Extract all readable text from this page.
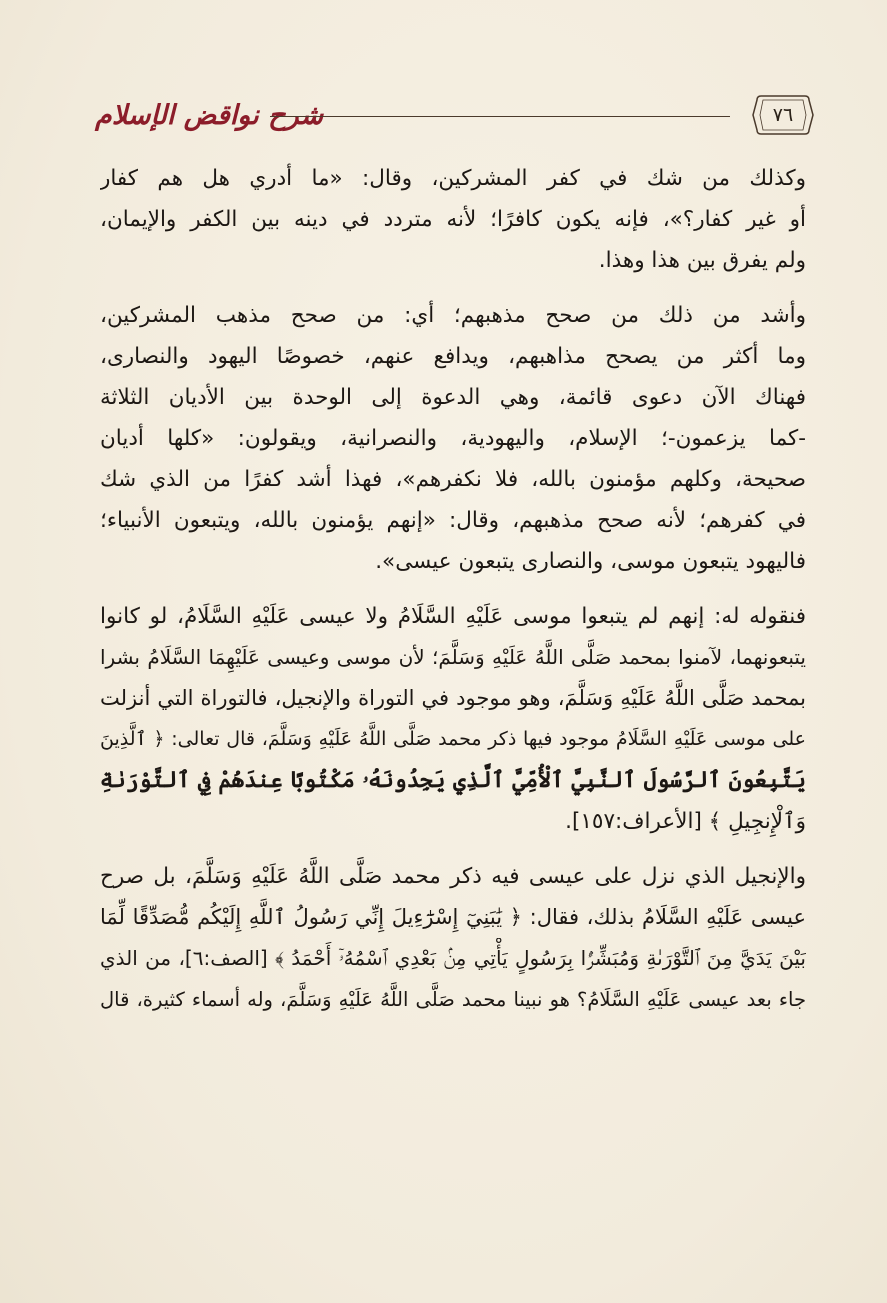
شرح نواقض الإسلام	٧٦
وكذلك من شك في كفر المشركين، وقال: «ما أدري هل هم كفار
أو غير كفار؟»، فإنه يكون كافرًا؛ لأنه متردد في دينه بين الكفر والإيمان،
ولم يفرق بين هذا وهذا.
وأشد من ذلك من صحح مذهبهم؛ أي: من صحح مذهب المشركين،
وما أكثر من يصحح مذاهبهم، ويدافع عنهم، خصوصًا اليهود والنصارى،
فهناك الآن دعوى قائمة، وهي الدعوة إلى الوحدة بين الأديان الثلاثة
-كما يزعمون-؛ الإسلام، واليهودية، والنصرانية، ويقولون: «كلها أديان
صحيحة، وكلهم مؤمنون بالله، فلا نكفرهم»، فهذا أشد كفرًا من الذي شك
في كفرهم؛ لأنه صحح مذهبهم، وقال: «إنهم يؤمنون بالله، ويتبعون الأنبياء؛
فاليهود يتبعون موسى، والنصارى يتبعون عيسى».
فنقوله له: إنهم لم يتبعوا موسى عَلَيْهِ السَّلَامُ ولا عيسى عَلَيْهِ السَّلَامُ، لو كانوا
يتبعونهما، لآمنوا بمحمد صَلَّى اللَّهُ عَلَيْهِ وَسَلَّمَ؛ لأن موسى وعيسى عَلَيْهِمَا السَّلَامُ بشرا
بمحمد صَلَّى اللَّهُ عَلَيْهِ وَسَلَّمَ، وهو موجود في التوراة والإنجيل، فالتوراة التي أنزلت
على موسى عَلَيْهِ السَّلَامُ موجود فيها ذكر محمد صَلَّى اللَّهُ عَلَيْهِ وَسَلَّمَ، قال تعالى: ﴿ ٱلَّذِينَ
يَتَّبِعُونَ ٱلرَّسُولَ ٱلنَّبِيَّ ٱلْأُمِّيَّ ٱلَّذِي يَجِدُونَهُۥ مَكْتُوبًا عِندَهُمْ فِي ٱلتَّوْرَىٰةِ
وَٱلْإِنجِيلِ ﴾ [الأعراف:١٥٧].
والإنجيل الذي نزل على عيسى فيه ذكر محمد صَلَّى اللَّهُ عَلَيْهِ وَسَلَّمَ، بل صرح
عيسى عَلَيْهِ السَّلَامُ بذلك، فقال: ﴿ يَٰبَنِيٓ إِسْرَٰٓءِيلَ إِنِّي رَسُولُ ٱللَّهِ إِلَيْكُم مُّصَدِّقًا لِّمَا
بَيْنَ يَدَيَّ مِنَ ٱلتَّوْرَىٰةِ وَمُبَشِّرًۢا بِرَسُولٍ يَأْتِي مِنۢ بَعْدِي ٱسْمُهُۥٓ أَحْمَدُ ﴾ [الصف:٦]، من الذي
جاء بعد عيسى عَلَيْهِ السَّلَامُ؟ هو نبينا محمد صَلَّى اللَّهُ عَلَيْهِ وَسَلَّمَ، وله أسماء كثيرة، قال
